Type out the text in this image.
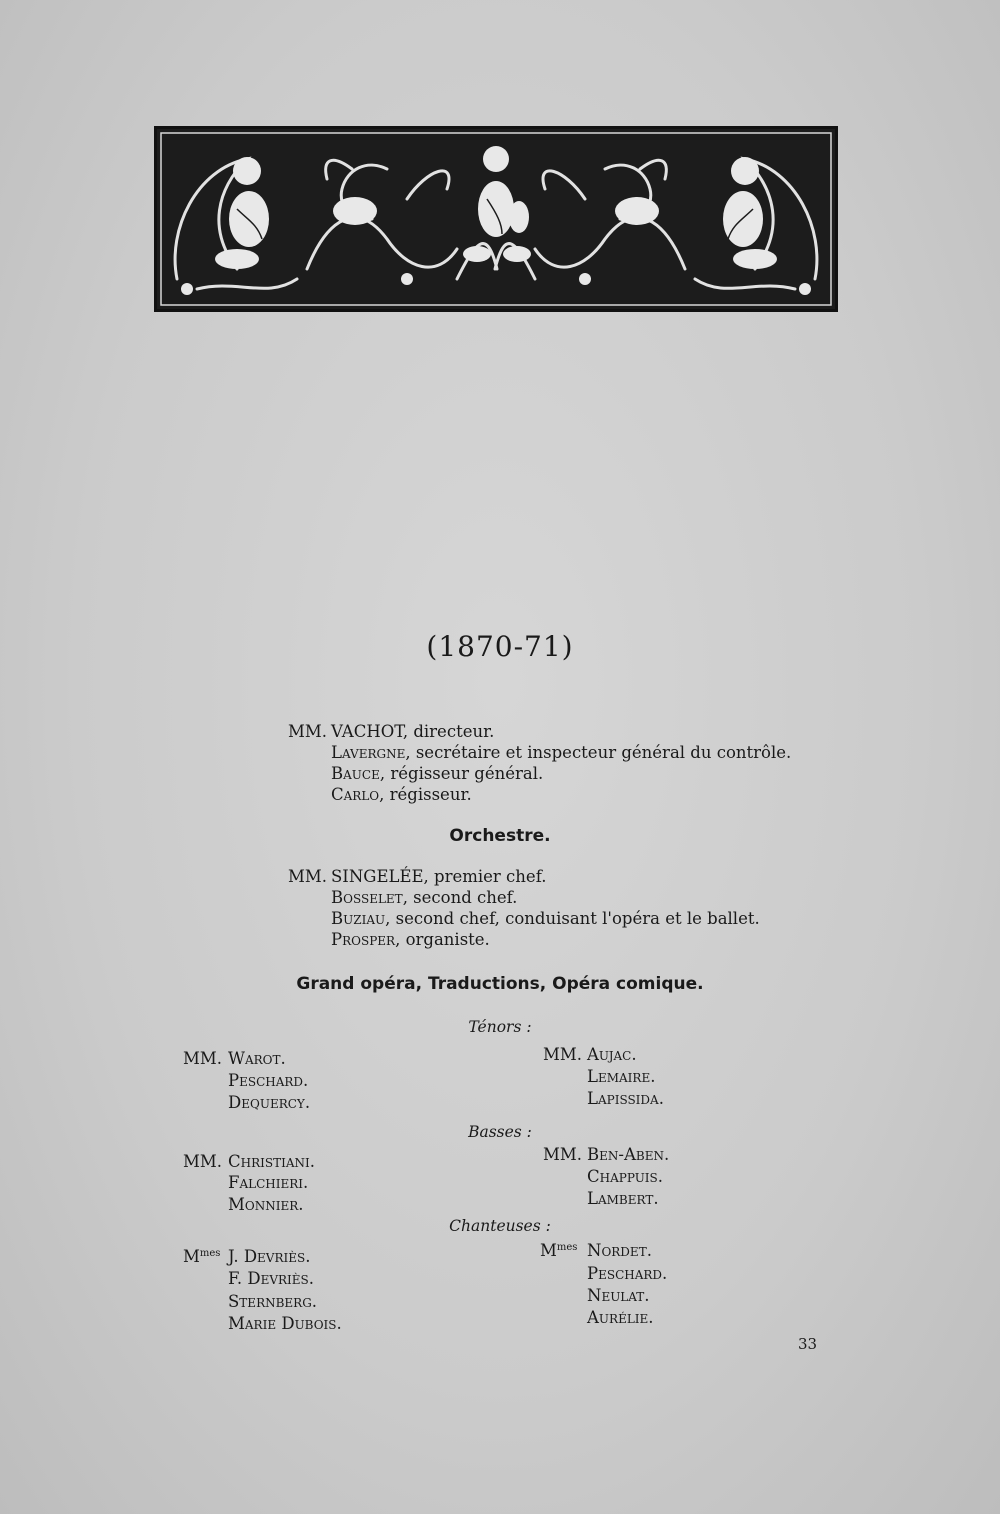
(1870-71)
MM. VACHOT, directeur.
Lavergne, secrétaire et inspecteur général du contrôle.
Bauce, régisseur général.
Carlo, régisseur.
Orchestre.
MM. SINGELÉE, premier chef.
Bosselet, second chef.
Buziau, second chef, conduisant l'opéra et le ballet.
Prosper, organiste.
Grand opéra, Traductions, Opéra comique.
Ténors :
MM. Warot.
Peschard.
Dequercy.
MM. Aujac.
Lemaire.
Lapissida.
Basses :
MM. Christiani.
Falchieri.
Monnier.
MM. Ben-Aben.
Chappuis.
Lambert.
Chanteuses :
$M^{mes}$ J. Devriès.
F. Devriès.
Sternberg.
Marie Dubois.
$M^{mes}$ Nordet.
Peschard.
Neulat.
Aurélie.
33
